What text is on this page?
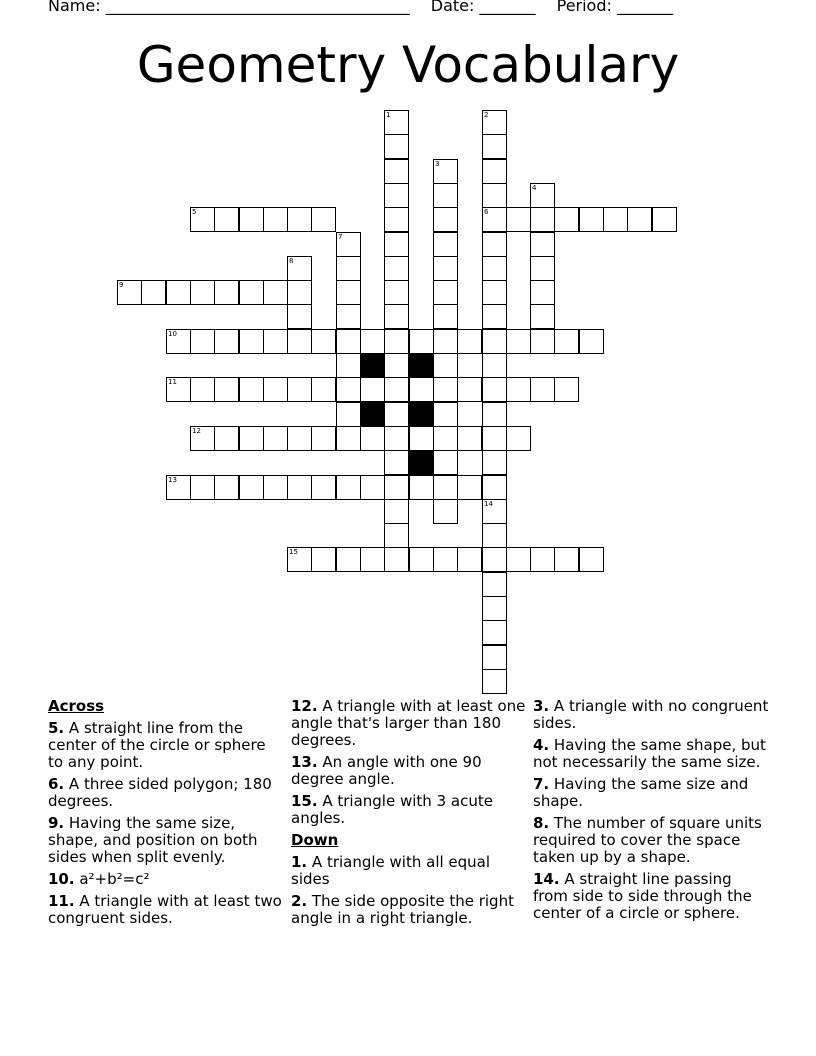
Name: ______________________________________ Date: _______ Period: _______
Geometry Vocabulary
1	2
6
14
3
4
5
7
8
9
10
11
12
13
15
Across
5. A straight line from the center of the circle or sphere to any point.
6. A three sided polygon; 180 degrees.
9. Having the same size, shape, and position on both sides when split evenly.
10. a²+b²=c²
11. A triangle with at least two congruent sides.
12. A triangle with at least one angle that's larger than 180 degrees.
13. An angle with one 90 degree angle.
15. A triangle with 3 acute angles.
Down
1. A triangle with all equal sides
2. The side opposite the right angle in a right triangle.
3. A triangle with no congruent sides.
4. Having the same shape, but not necessarily the same size.
7. Having the same size and shape.
8. The number of square units required to cover the space taken up by a shape.
14. A straight line passing from side to side through the center of a circle or sphere.
